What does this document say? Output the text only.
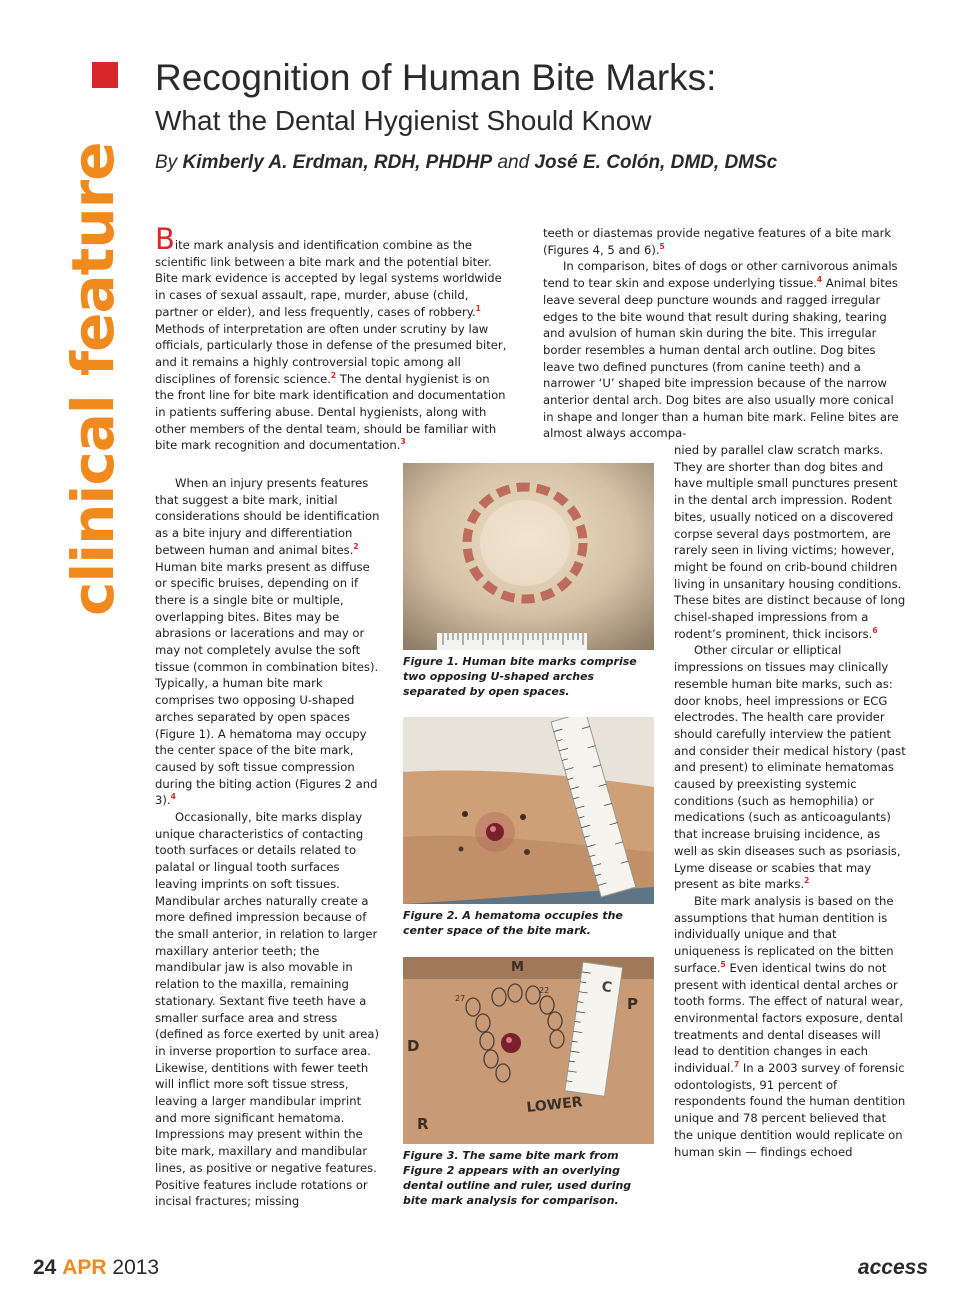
clinical feature
Recognition of Human Bite Marks:
What the Dental Hygienist Should Know
By Kimberly A. Erdman, RDH, PHDHP and José E. Colón, DMD, DMSc

Bite mark analysis and identification combine as the scientific link between a bite mark and the potential biter. Bite mark evidence is accepted by legal systems worldwide in cases of sexual assault, rape, murder, abuse (child, partner or elder), and less frequently, cases of robbery.$^1$ Methods of interpretation are often under scrutiny by law officials, particularly those in defense of the presumed biter, and it remains a highly controversial topic among all disciplines of forensic science.$^2$ The dental hygienist is on the front line for bite mark identification and documentation in patients suffering abuse. Dental hygienists, along with other members of the dental team, should be familiar with bite mark recognition and documentation.$^3$

When an injury presents features that suggest a bite mark, initial considerations should be identification as a bite injury and differentiation between human and animal bites.$^2$ Human bite marks present as diffuse or specific bruises, depending on if there is a single bite or multiple, overlapping bites. Bites may be abrasions or lacerations and may or may not completely avulse the soft tissue (common in combination bites). Typically, a human bite mark comprises two opposing U-shaped arches separated by open spaces (Figure 1). A hematoma may occupy the center space of the bite mark, caused by soft tissue compression during the biting action (Figures 2 and 3).$^4$

Occasionally, bite marks display unique characteristics of contacting tooth surfaces or details related to palatal or lingual tooth surfaces leaving imprints on soft tissues. Mandibular arches naturally create a more defined impression because of the small anterior, in relation to larger maxillary anterior teeth; the mandibular jaw is also movable in relation to the maxilla, remaining stationary. Sextant five teeth have a smaller surface area and stress (defined as force exerted by unit area) in inverse proportion to surface area. Likewise, dentitions with fewer teeth will inflict more soft tissue stress, leaving a larger mandibular imprint and more significant hematoma. Impressions may present within the bite mark, maxillary and mandibular lines, as positive or negative features. Positive features include rotations or incisal fractures; missing

teeth or diastemas provide negative features of a bite mark (Figures 4, 5 and 6).$^5$

In comparison, bites of dogs or other carnivorous animals tend to tear skin and expose underlying tissue.$^4$ Animal bites leave several deep puncture wounds and ragged irregular edges to the bite wound that result during shaking, tearing and avulsion of human skin during the bite. This irregular border resembles a human dental arch outline. Dog bites leave two defined punctures (from canine teeth) and a narrower ‘U’ shaped bite impression because of the narrow anterior dental arch. Dog bites are also usually more conical in shape and longer than a human bite mark. Feline bites are almost always accompa-

nied by parallel claw scratch marks. They are shorter than dog bites and have multiple small punctures present in the dental arch impression. Rodent bites, usually noticed on a discovered corpse several days postmortem, are rarely seen in living victims; however, might be found on crib-bound children living in unsanitary housing conditions. These bites are distinct because of long chisel-shaped impressions from a rodent’s prominent, thick incisors.$^6$

Other circular or elliptical impressions on tissues may clinically resemble human bite marks, such as: door knobs, heel impressions or ECG electrodes. The health care provider should carefully interview the patient and consider their medical history (past and present) to eliminate hematomas caused by preexisting systemic conditions (such as hemophilia) or medications (such as anticoagulants) that increase bruising incidence, as well as skin diseases such as psoriasis, Lyme disease or scabies that may present as bite marks.$^2$

Bite mark analysis is based on the assumptions that human dentition is individually unique and that uniqueness is replicated on the bitten surface.$^5$ Even identical twins do not present with identical dental arches or tooth forms. The effect of natural wear, environmental factors exposure, dental treatments and dental diseases will lead to dentition changes in each individual.$^7$ In a 2003 survey of forensic odontologists, 91 percent of respondents found the human dentition unique and 78 percent believed that the unique dentition would replicate on human skin — findings echoed

Figure 1. Human bite marks comprise two opposing U-shaped arches separated by open spaces.

Figure 2. A hematoma occupies the center space of the bite mark.

C
M
D
P
R
LOWER
27
22

Figure 3. The same bite mark from Figure 2 appears with an overlying dental outline and ruler, used during bite mark analysis for comparison.

24 APR 2013	access
